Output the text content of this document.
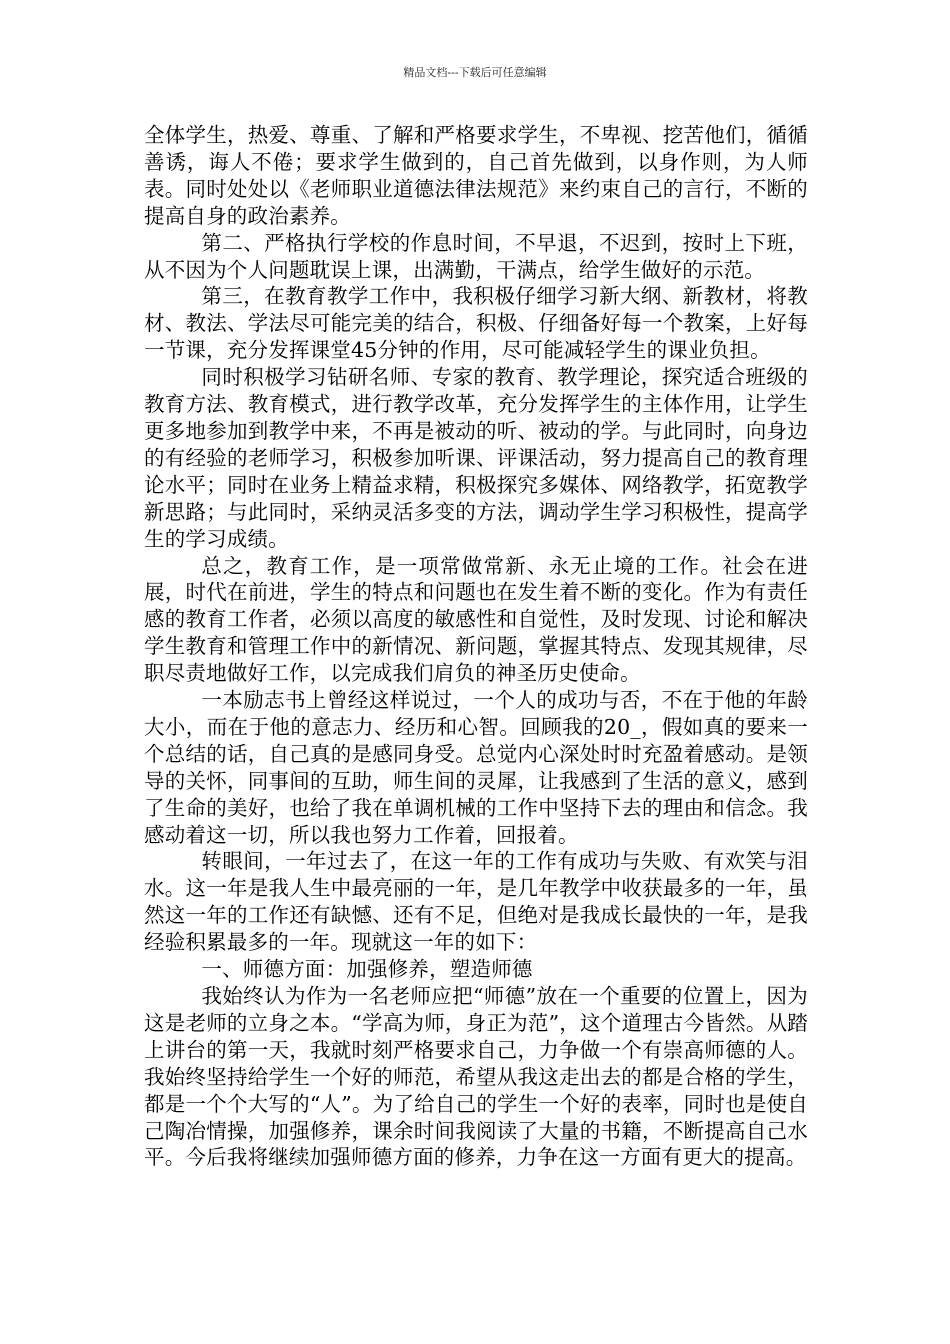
精品文档---下载后可任意编辑

全体学生，热爱、尊重、了解和严格要求学生，不卑视、挖苦他们，循循善诱，诲人不倦；要求学生做到的，自己首先做到，以身作则，为人师表。同时处处以《老师职业道德法律法规范》来约束自己的言行，不断的提高自身的政治素养。

第二、严格执行学校的作息时间，不早退，不迟到，按时上下班，从不因为个人问题耽误上课，出满勤，干满点，给学生做好的示范。

第三，在教育教学工作中，我积极仔细学习新大纲、新教材，将教材、教法、学法尽可能完美的结合，积极、仔细备好每一个教案，上好每一节课，充分发挥课堂45分钟的作用，尽可能减轻学生的课业负担。

同时积极学习钻研名师、专家的教育、教学理论，探究适合班级的教育方法、教育模式，进行教学改革，充分发挥学生的主体作用，让学生更多地参加到教学中来，不再是被动的听、被动的学。与此同时，向身边的有经验的老师学习，积极参加听课、评课活动，努力提高自己的教育理论水平；同时在业务上精益求精，积极探究多媒体、网络教学，拓宽教学新思路；与此同时，采纳灵活多变的方法，调动学生学习积极性，提高学生的学习成绩。

总之，教育工作，是一项常做常新、永无止境的工作。社会在进展，时代在前进，学生的特点和问题也在发生着不断的变化。作为有责任感的教育工作者，必须以高度的敏感性和自觉性，及时发现、讨论和解决学生教育和管理工作中的新情况、新问题，掌握其特点、发现其规律，尽职尽责地做好工作，以完成我们肩负的神圣历史使命。

一本励志书上曾经这样说过，一个人的成功与否，不在于他的年龄大小，而在于他的意志力、经历和心智。回顾我的20_，假如真的要来一个总结的话，自己真的是感同身受。总觉内心深处时时充盈着感动。是领导的关怀，同事间的互助，师生间的灵犀，让我感到了生活的意义，感到了生命的美好，也给了我在单调机械的工作中坚持下去的理由和信念。我感动着这一切，所以我也努力工作着，回报着。

转眼间，一年过去了，在这一年的工作有成功与失败、有欢笑与泪水。这一年是我人生中最亮丽的一年，是几年教学中收获最多的一年，虽然这一年的工作还有缺憾、还有不足，但绝对是我成长最快的一年，是我经验积累最多的一年。现就这一年的如下：

一、师德方面：加强修养，塑造师德

我始终认为作为一名老师应把“师德”放在一个重要的位置上，因为这是老师的立身之本。“学高为师，身正为范”，这个道理古今皆然。从踏上讲台的第一天，我就时刻严格要求自己，力争做一个有崇高师德的人。我始终坚持给学生一个好的师范，希望从我这走出去的都是合格的学生，都是一个个大写的“人”。为了给自己的学生一个好的表率，同时也是使自己陶冶情操，加强修养，课余时间我阅读了大量的书籍，不断提高自己水平。今后我将继续加强师德方面的修养，力争在这一方面有更大的提高。
